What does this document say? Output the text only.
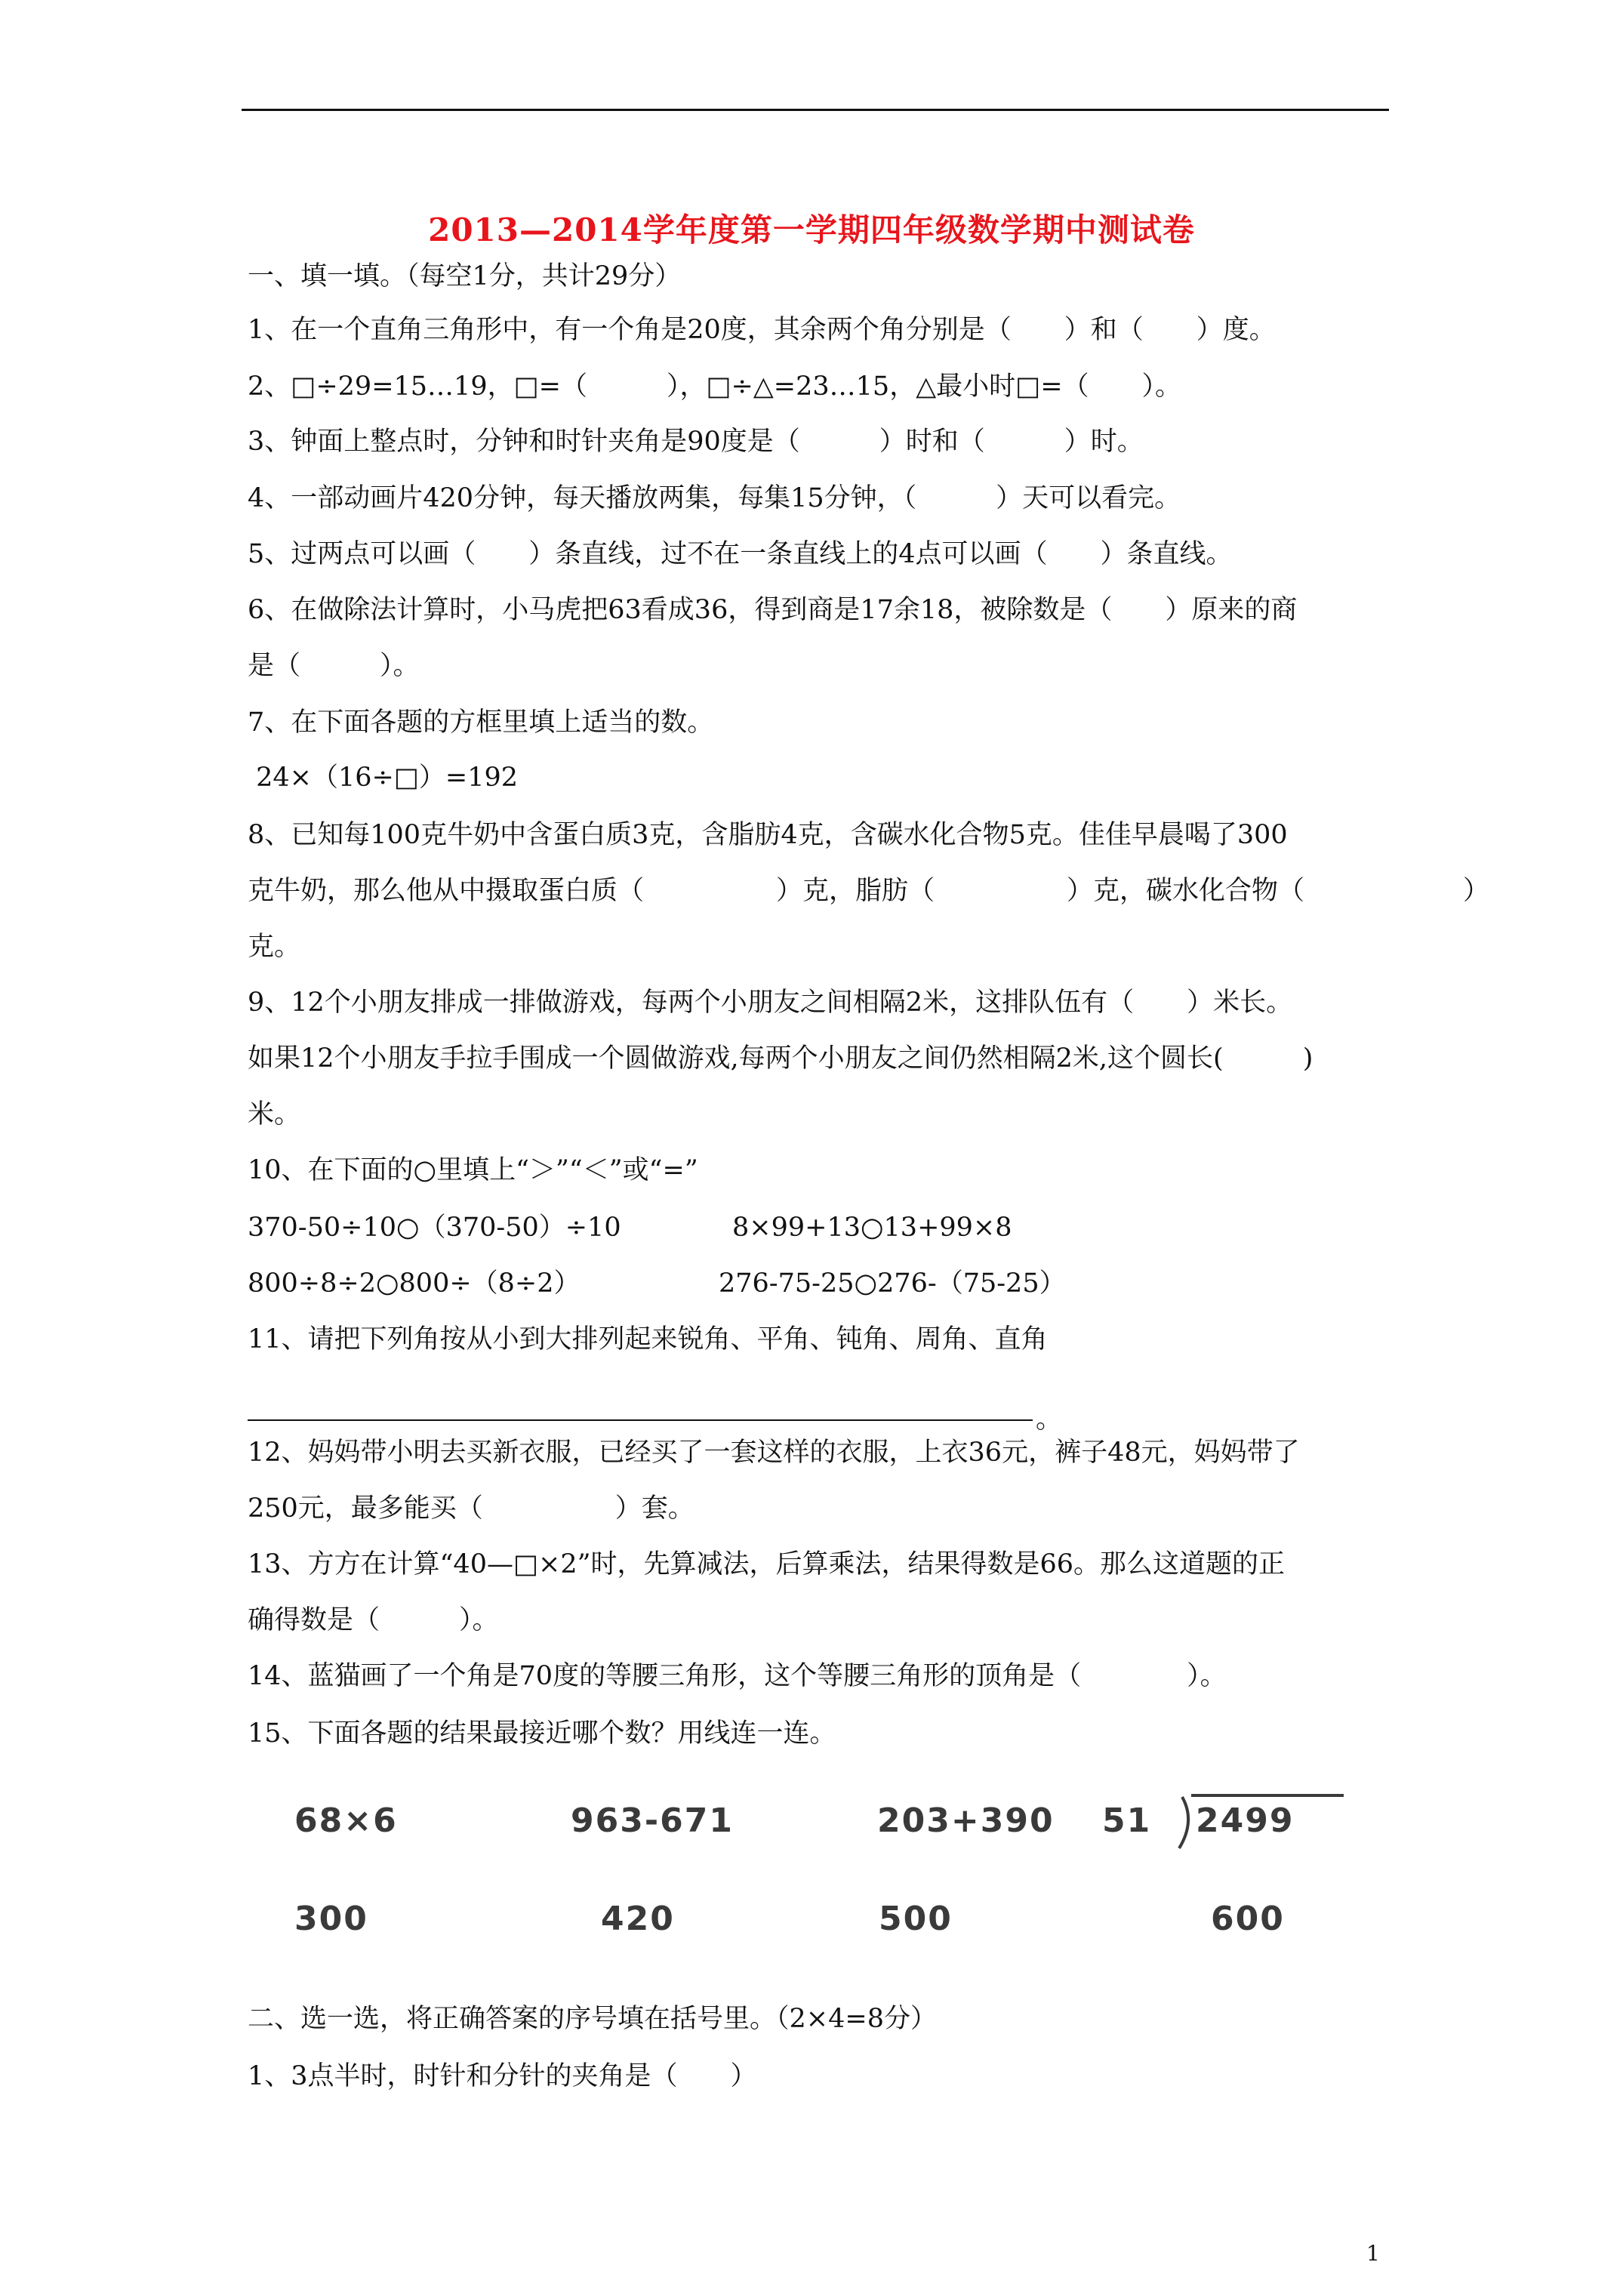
2013—2014学年度第一学期四年级数学期中测试卷
一、填一填。（每空1分，共计29分）
1、在一个直角三角形中，有一个角是20度，其余两个角分别是（　　）和（　　）度。
2、□÷29=15…19，□=（　　　），□÷△=23…15，△最小时□=（　　）。
3、钟面上整点时，分钟和时针夹角是90度是（　　　）时和（　　　）时。
4、一部动画片420分钟，每天播放两集，每集15分钟，（　　　）天可以看完。
5、过两点可以画（　　）条直线，过不在一条直线上的4点可以画（　　）条直线。
6、在做除法计算时，小马虎把63看成36，得到商是17余18，被除数是（　　）原来的商
是（　　　）。
7、在下面各题的方框里填上适当的数。
24×（16÷□）=192
8、已知每100克牛奶中含蛋白质3克，含脂肪4克，含碳水化合物5克。佳佳早晨喝了300
克牛奶，那么他从中摄取蛋白质（　　　　　）克，脂肪（　　　　　）克，碳水化合物（　　　　　　）
克。
9、12个小朋友排成一排做游戏，每两个小朋友之间相隔2米，这排队伍有（　　）米长。
如果12个小朋友手拉手围成一个圆做游戏,每两个小朋友之间仍然相隔2米,这个圆长(　　　)
米。
10、在下面的○里填上“＞”“＜”或“=”
370-50÷10○（370-50）÷10	8×99+13○13+99×8
800÷8÷2○800÷（8÷2）	276-75-25○276-（75-25）
11、请把下列角按从小到大排列起来锐角、平角、钝角、周角、直角
。
12、妈妈带小明去买新衣服，已经买了一套这样的衣服，上衣36元，裤子48元，妈妈带了
250元，最多能买（　　　　　）套。
13、方方在计算“40—□×2”时，先算减法，后算乘法，结果得数是66。那么这道题的正
确得数是（　　　）。
14、蓝猫画了一个角是70度的等腰三角形，这个等腰三角形的顶角是（　　　　）。
15、下面各题的结果最接近哪个数？用线连一连。
68×6	963-671	203+390 51 2499
300	420	500	600
二、选一选，将正确答案的序号填在括号里。（2×4=8分）
1、3点半时，时针和分针的夹角是（　　）
1
